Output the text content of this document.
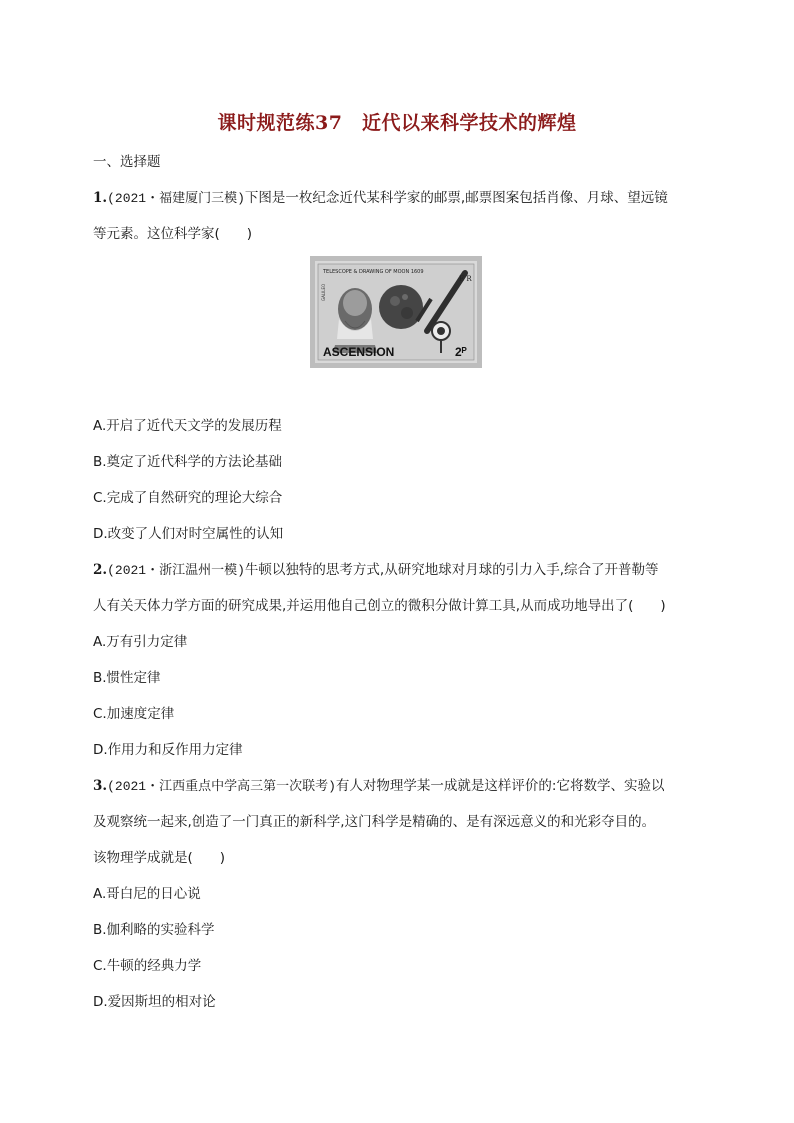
课时规范练37　近代以来科学技术的辉煌
一、选择题
1.(2021・福建厦门三模)下图是一枚纪念近代某科学家的邮票,邮票图案包括肖像、月球、望远镜
等元素。这位科学家(　　)
TELESCOPE & DRAWING OF MOON 1609
GALILEO
E R
ASCENSION	2ᴾ
A.开启了近代天文学的发展历程
B.奠定了近代科学的方法论基础
C.完成了自然研究的理论大综合
D.改变了人们对时空属性的认知
2.(2021・浙江温州一模)牛顿以独特的思考方式,从研究地球对月球的引力入手,综合了开普勒等
人有关天体力学方面的研究成果,并运用他自己创立的微积分做计算工具,从而成功地导出了(　　)
A.万有引力定律
B.惯性定律
C.加速度定律
D.作用力和反作用力定律
3.(2021・江西重点中学高三第一次联考)有人对物理学某一成就是这样评价的:它将数学、实验以
及观察统一起来,创造了一门真正的新科学,这门科学是精确的、是有深远意义的和光彩夺目的。
该物理学成就是(　　)
A.哥白尼的日心说
B.伽利略的实验科学
C.牛顿的经典力学
D.爱因斯坦的相对论
